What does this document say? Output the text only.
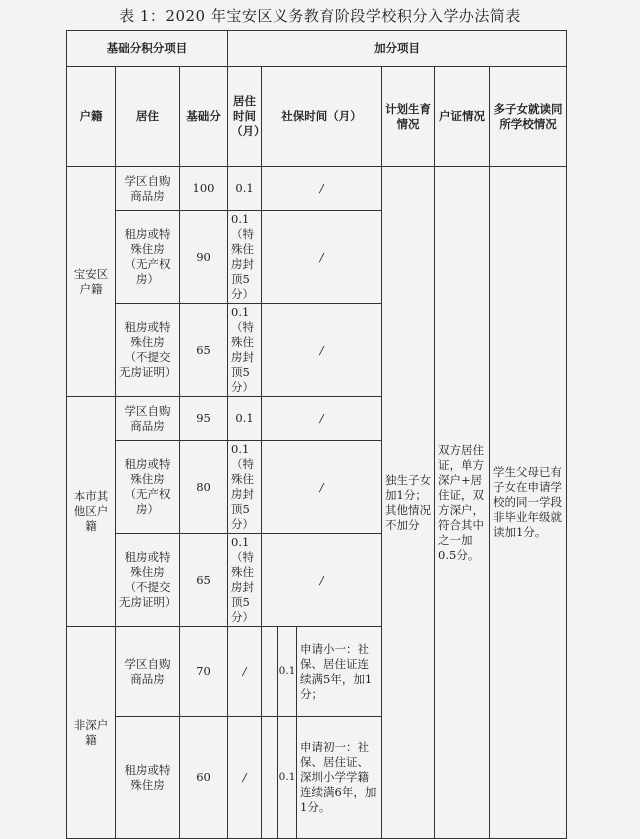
表 1：2020 年宝安区义务教育阶段学校积分入学办法简表
基础分积分项目			加分项目						
户籍	居住	基础分	居住时间（月）	社保时间（月）			计划生育情况	户证情况	多子女就读同所学校情况
宝安区户籍	学区自购商品房	100	0.1	/			独生子女加1分；其他情况不加分	双方居住证，单方深户+居住证，双方深户，符合其中之一加0.5分。	学生父母已有子女在申请学校的同一学段非毕业年级就读加1分。
	租房或特殊住房（无产权房）	90	0.1（特殊住房封顶5分）	/					
	租房或特殊住房（不提交无房证明）	65	0.1（特殊住房封顶5分）	/					
本市其他区户籍	学区自购商品房	95	0.1	/					
	租房或特殊住房（无产权房）	80	0.1（特殊住房封顶5分）	/					
	租房或特殊住房（不提交无房证明）	65	0.1（特殊住房封顶5分）	/					
非深户籍	学区自购商品房	70	/		0.1	申请小一：社保、居住证连续满5年，加1分；			
	租房或特殊住房	60	/		0.1	申请初一：社保、居住证、深圳小学学籍连续满6年，加1分。			
